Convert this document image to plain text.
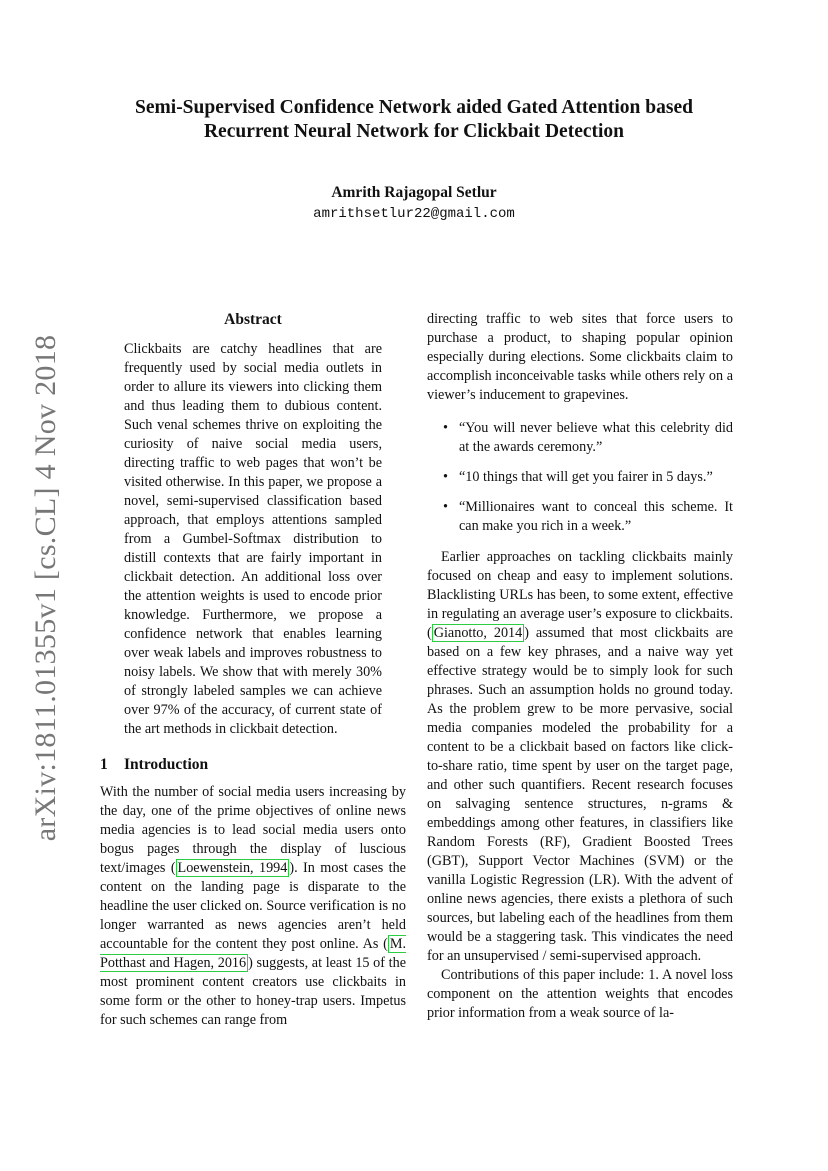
arXiv:1811.01355v1 [cs.CL] 4 Nov 2018
Semi-Supervised Confidence Network aided Gated Attention based
Recurrent Neural Network for Clickbait Detection
Amrith Rajagopal Setlur
amrithsetlur22@gmail.com
Abstract

Clickbaits are catchy headlines that are frequently used by social media outlets in order to allure its viewers into clicking them and thus leading them to dubious content. Such venal schemes thrive on exploiting the curiosity of naive social media users, directing traffic to web pages that won’t be visited otherwise. In this paper, we propose a novel, semi-supervised classification based approach, that employs attentions sampled from a Gumbel-Softmax distribution to distill contexts that are fairly important in clickbait detection. An additional loss over the attention weights is used to encode prior knowledge. Furthermore, we propose a confidence network that enables learning over weak labels and improves robustness to noisy labels. We show that with merely 30% of strongly labeled samples we can achieve over 97% of the accuracy, of current state of the art methods in clickbait detection.

1 Introduction

With the number of social media users increasing by the day, one of the prime objectives of online news media agencies is to lead social media users onto bogus pages through the display of luscious text/images ( Loewenstein, 1994 ). In most cases the content on the landing page is disparate to the headline the user clicked on. Source verification is no longer warranted as news agencies aren’t held accountable for the content they post online. As ( M. Potthast and Hagen, 2016 ) suggests, at least 15 of the most prominent content creators use clickbaits in some form or the other to honey-trap users. Impetus for such schemes can range from

directing traffic to web sites that force users to purchase a product, to shaping popular opinion especially during elections. Some clickbaits claim to accomplish inconceivable tasks while others rely on a viewer’s inducement to grapevines.

• “You will never believe what this celebrity did at the awards ceremony.”
• “10 things that will get you fairer in 5 days.”
• “Millionaires want to conceal this scheme. It can make you rich in a week.”

Earlier approaches on tackling clickbaits mainly focused on cheap and easy to implement solutions. Blacklisting URLs has been, to some extent, effective in regulating an average user’s exposure to clickbaits. ( Gianotto, 2014 ) assumed that most clickbaits are based on a few key phrases, and a naive way yet effective strategy would be to simply look for such phrases. Such an assumption holds no ground today. As the problem grew to be more pervasive, social media companies modeled the probability for a content to be a clickbait based on factors like click-to-share ratio, time spent by user on the target page, and other such quantifiers. Recent research focuses on salvaging sentence structures, n-grams & embeddings among other features, in classifiers like Random Forests (RF), Gradient Boosted Trees (GBT), Support Vector Machines (SVM) or the vanilla Logistic Regression (LR). With the advent of online news agencies, there exists a plethora of such sources, but labeling each of the headlines from them would be a staggering task. This vindicates the need for an unsupervised / semi-supervised approach.

Contributions of this paper include: 1. A novel loss component on the attention weights that encodes prior information from a weak source of la-
